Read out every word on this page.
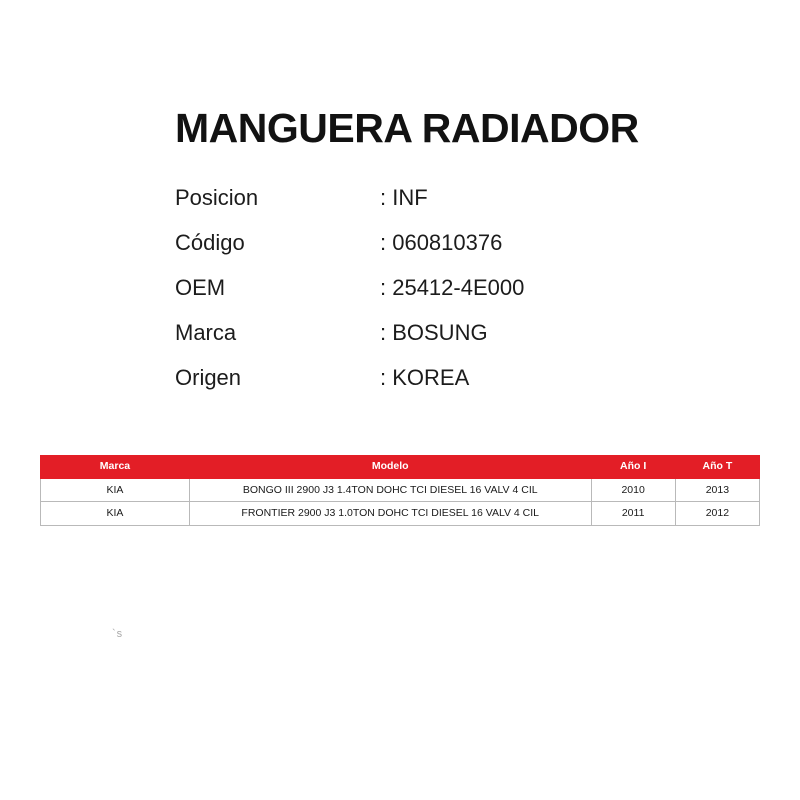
MANGUERA RADIADOR
Posicion	: INF
Código	: 060810376
OEM	: 25412-4E000
Marca	: BOSUNG
Origen	: KOREA
Marca	Modelo	Año I	Año T
KIA	BONGO III 2900 J3 1.4TON DOHC TCI DIESEL 16 VALV 4 CIL	2010	2013
KIA	FRONTIER 2900 J3 1.0TON DOHC TCI DIESEL 16 VALV 4 CIL	2011	2012
`s
